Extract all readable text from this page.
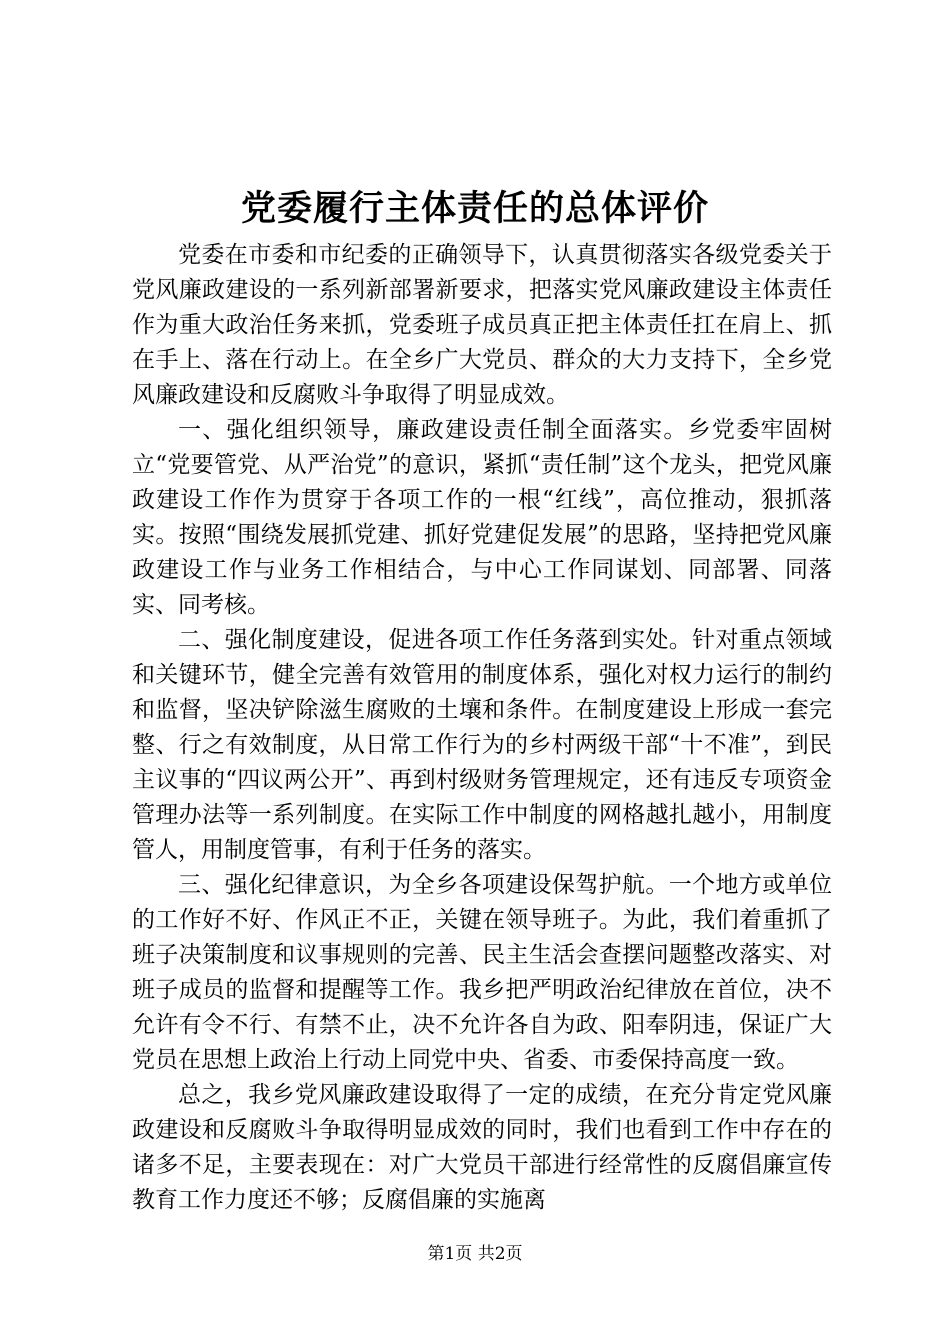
党委履行主体责任的总体评价

党委在市委和市纪委的正确领导下，认真贯彻落实各级党委关于党风廉政建设的一系列新部署新要求，把落实党风廉政建设主体责任作为重大政治任务来抓，党委班子成员真正把主体责任扛在肩上、抓在手上、落在行动上。在全乡广大党员、群众的大力支持下，全乡党风廉政建设和反腐败斗争取得了明显成效。

一、强化组织领导，廉政建设责任制全面落实。乡党委牢固树立“党要管党、从严治党”的意识，紧抓“责任制”这个龙头，把党风廉政建设工作作为贯穿于各项工作的一根“红线”，高位推动，狠抓落实。按照“围绕发展抓党建、抓好党建促发展”的思路，坚持把党风廉政建设工作与业务工作相结合，与中心工作同谋划、同部署、同落实、同考核。

二、强化制度建设，促进各项工作任务落到实处。针对重点领域和关键环节，健全完善有效管用的制度体系，强化对权力运行的制约和监督，坚决铲除滋生腐败的土壤和条件。在制度建设上形成一套完整、行之有效制度，从日常工作行为的乡村两级干部“十不准”，到民主议事的“四议两公开”、再到村级财务管理规定，还有违反专项资金管理办法等一系列制度。在实际工作中制度的网格越扎越小，用制度管人，用制度管事，有利于任务的落实。

三、强化纪律意识，为全乡各项建设保驾护航。一个地方或单位的工作好不好、作风正不正，关键在领导班子。为此，我们着重抓了班子决策制度和议事规则的完善、民主生活会查摆问题整改落实、对班子成员的监督和提醒等工作。我乡把严明政治纪律放在首位，决不允许有令不行、有禁不止，决不允许各自为政、阳奉阴违，保证广大党员在思想上政治上行动上同党中央、省委、市委保持高度一致。

总之，我乡党风廉政建设取得了一定的成绩，在充分肯定党风廉政建设和反腐败斗争取得明显成效的同时，我们也看到工作中存在的诸多不足，主要表现在：对广大党员干部进行经常性的反腐倡廉宣传教育工作力度还不够；反腐倡廉的实施离

第1页 共2页
